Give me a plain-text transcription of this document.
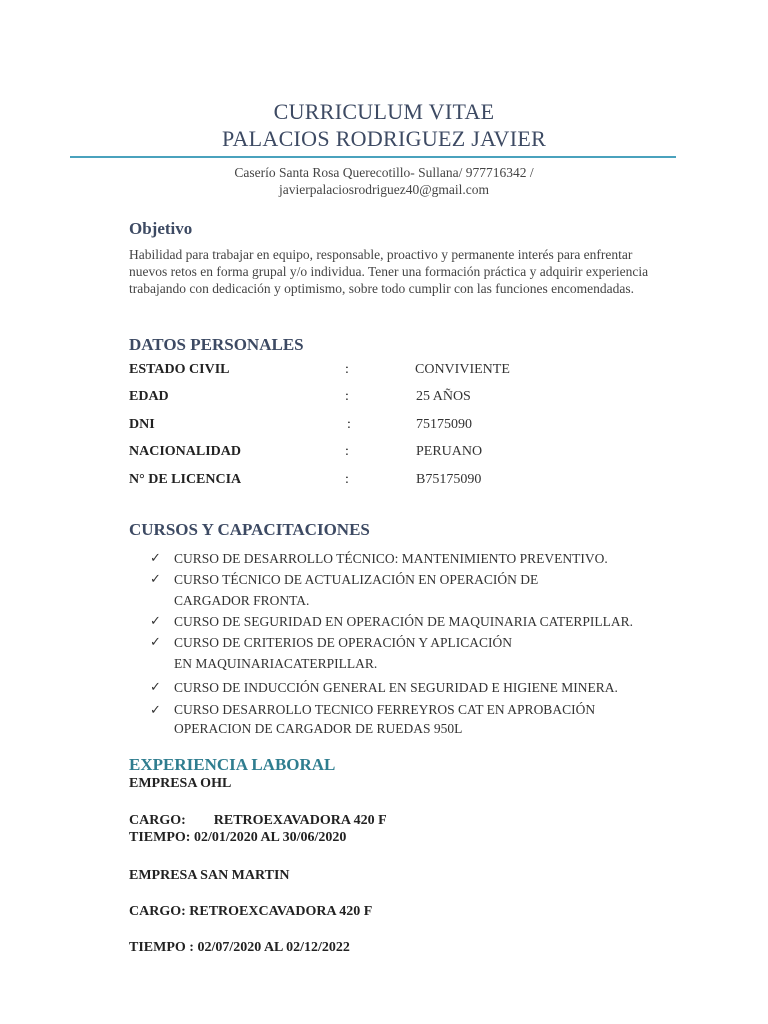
CURRICULUM VITAE
PALACIOS RODRIGUEZ JAVIER
Caserío Santa Rosa Querecotillo- Sullana/ 977716342 /
javierpalaciosrodriguez40@gmail.com
Objetivo
Habilidad para trabajar en equipo, responsable, proactivo y permanente interés para enfrentar nuevos retos en forma grupal y/o individua. Tener una formación práctica y adquirir experiencia trabajando con dedicación y optimismo, sobre todo cumplir con las funciones encomendadas.
DATOS PERSONALES
ESTADO CIVIL	:	CONVIVIENTE
EDAD	:	25 AÑOS
DNI	:	75175090
NACIONALIDAD	:	PERUANO
N° DE LICENCIA	:	B75175090
CURSOS Y CAPACITACIONES
✓ CURSO DE DESARROLLO TÉCNICO: MANTENIMIENTO PREVENTIVO.
✓ CURSO TÉCNICO DE ACTUALIZACIÓN EN OPERACIÓN DE
CARGADOR FRONTA.
✓ CURSO DE SEGURIDAD EN OPERACIÓN DE MAQUINARIA CATERPILLAR.
✓ CURSO DE CRITERIOS DE OPERACIÓN Y APLICACIÓN
EN MAQUINARIACATERPILLAR.
✓ CURSO DE INDUCCIÓN GENERAL EN SEGURIDAD E HIGIENE MINERA.
✓ CURSO DESARROLLO TECNICO FERREYROS CAT EN APROBACIÓN
OPERACION DE CARGADOR DE RUEDAS 950L
EXPERIENCIA LABORAL
EMPRESA OHL
CARGO:        RETROEXAVADORA 420 F
TIEMPO: 02/01/2020 AL 30/06/2020
EMPRESA SAN MARTIN
CARGO: RETROEXCAVADORA 420 F
TIEMPO : 02/07/2020 AL 02/12/2022
